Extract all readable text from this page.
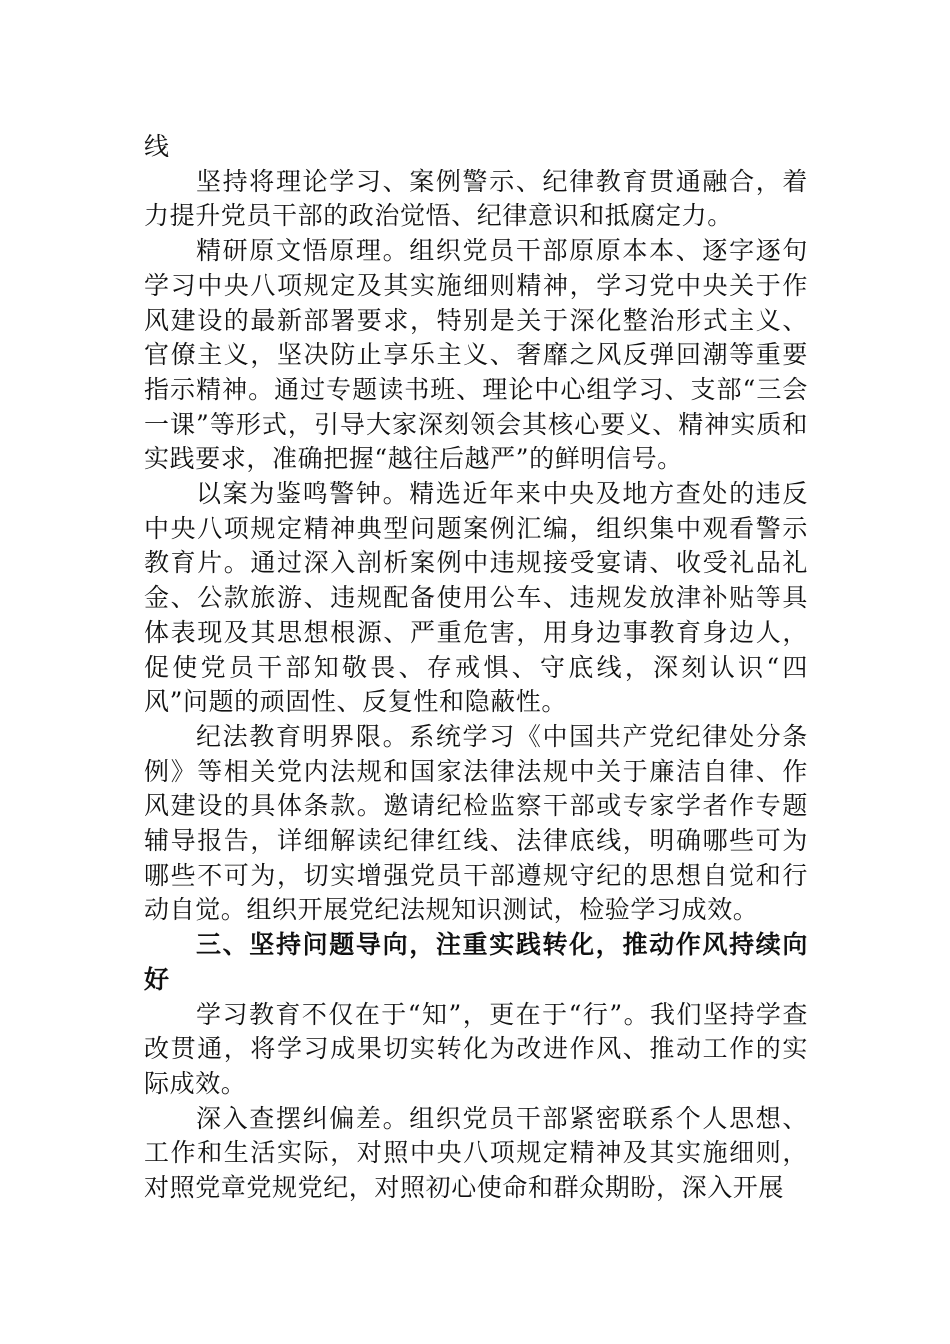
线

坚持将理论学习、案例警示、纪律教育贯通融合，着力提升党员干部的政治觉悟、纪律意识和抵腐定力。

精研原文悟原理。组织党员干部原原本本、逐字逐句学习中央八项规定及其实施细则精神，学习党中央关于作风建设的最新部署要求，特别是关于深化整治形式主义、官僚主义，坚决防止享乐主义、奢靡之风反弹回潮等重要指示精神。通过专题读书班、理论中心组学习、支部“三会一课”等形式，引导大家深刻领会其核心要义、精神实质和实践要求，准确把握“越往后越严”的鲜明信号。

以案为鉴鸣警钟。精选近年来中央及地方查处的违反中央八项规定精神典型问题案例汇编，组织集中观看警示教育片。通过深入剖析案例中违规接受宴请、收受礼品礼金、公款旅游、违规配备使用公车、违规发放津补贴等具体表现及其思想根源、严重危害，用身边事教育身边人，促使党员干部知敬畏、存戒惧、守底线，深刻认识“四风”问题的顽固性、反复性和隐蔽性。

纪法教育明界限。系统学习《中国共产党纪律处分条例》等相关党内法规和国家法律法规中关于廉洁自律、作风建设的具体条款。邀请纪检监察干部或专家学者作专题辅导报告，详细解读纪律红线、法律底线，明确哪些可为哪些不可为，切实增强党员干部遵规守纪的思想自觉和行动自觉。组织开展党纪法规知识测试，检验学习成效。

三、坚持问题导向，注重实践转化，推动作风持续向好

学习教育不仅在于“知”，更在于“行”。我们坚持学查改贯通，将学习成果切实转化为改进作风、推动工作的实际成效。

深入查摆纠偏差。组织党员干部紧密联系个人思想、工作和生活实际，对照中央八项规定精神及其实施细则，对照党章党规党纪，对照初心使命和群众期盼，深入开展
